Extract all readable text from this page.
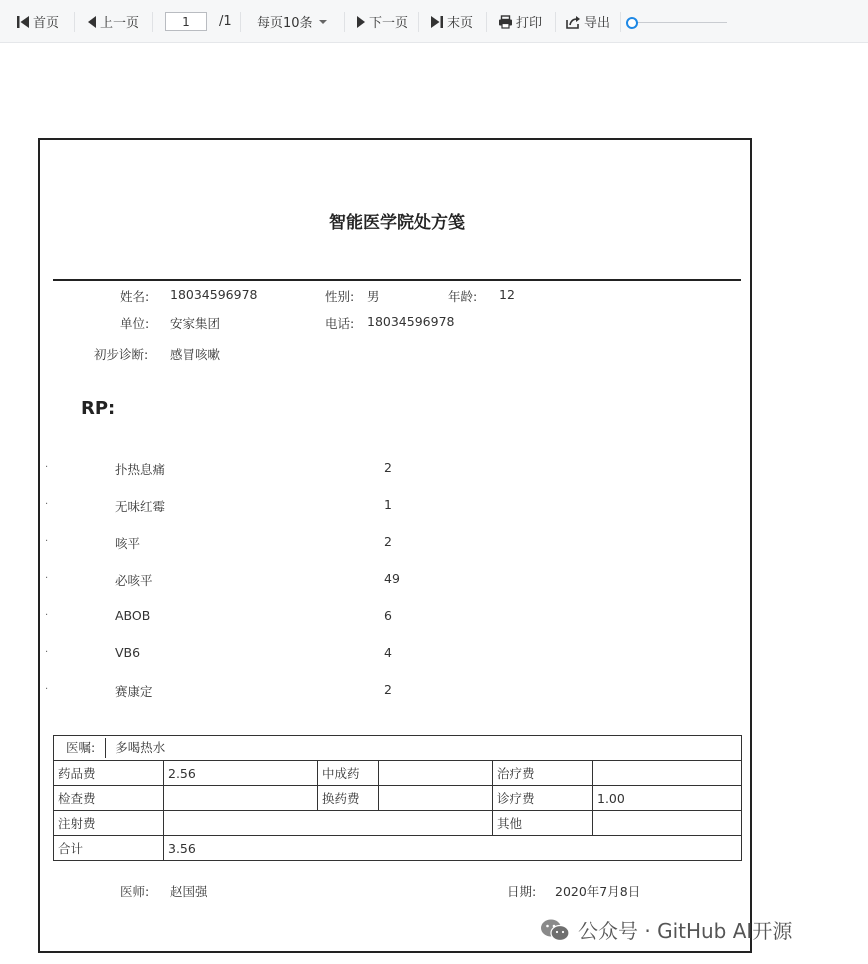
首页	上一页
1	/1 每页10条	下一页	末页	打印	导出
智能医学院处方笺
姓名: 18034596978	性别: 男	年龄: 12
单位: 安家集团	电话: 18034596978
初步诊断: 感冒咳嗽
RP:
.	扑热息痛	2
.	无味红霉	1
.	咳平	2
.	必咳平	49
.	ABOB	6
.	VB6	4
.	赛康定	2
医嘱: 多喝热水					
药品费	2.56	中成药		治疗费	
检查费		换药费		诊疗费	1.00
注射费				其他	
合计	3.56				
医师: 赵国强	日期: 2020年7月8日
公众号 · GitHub AI开源
